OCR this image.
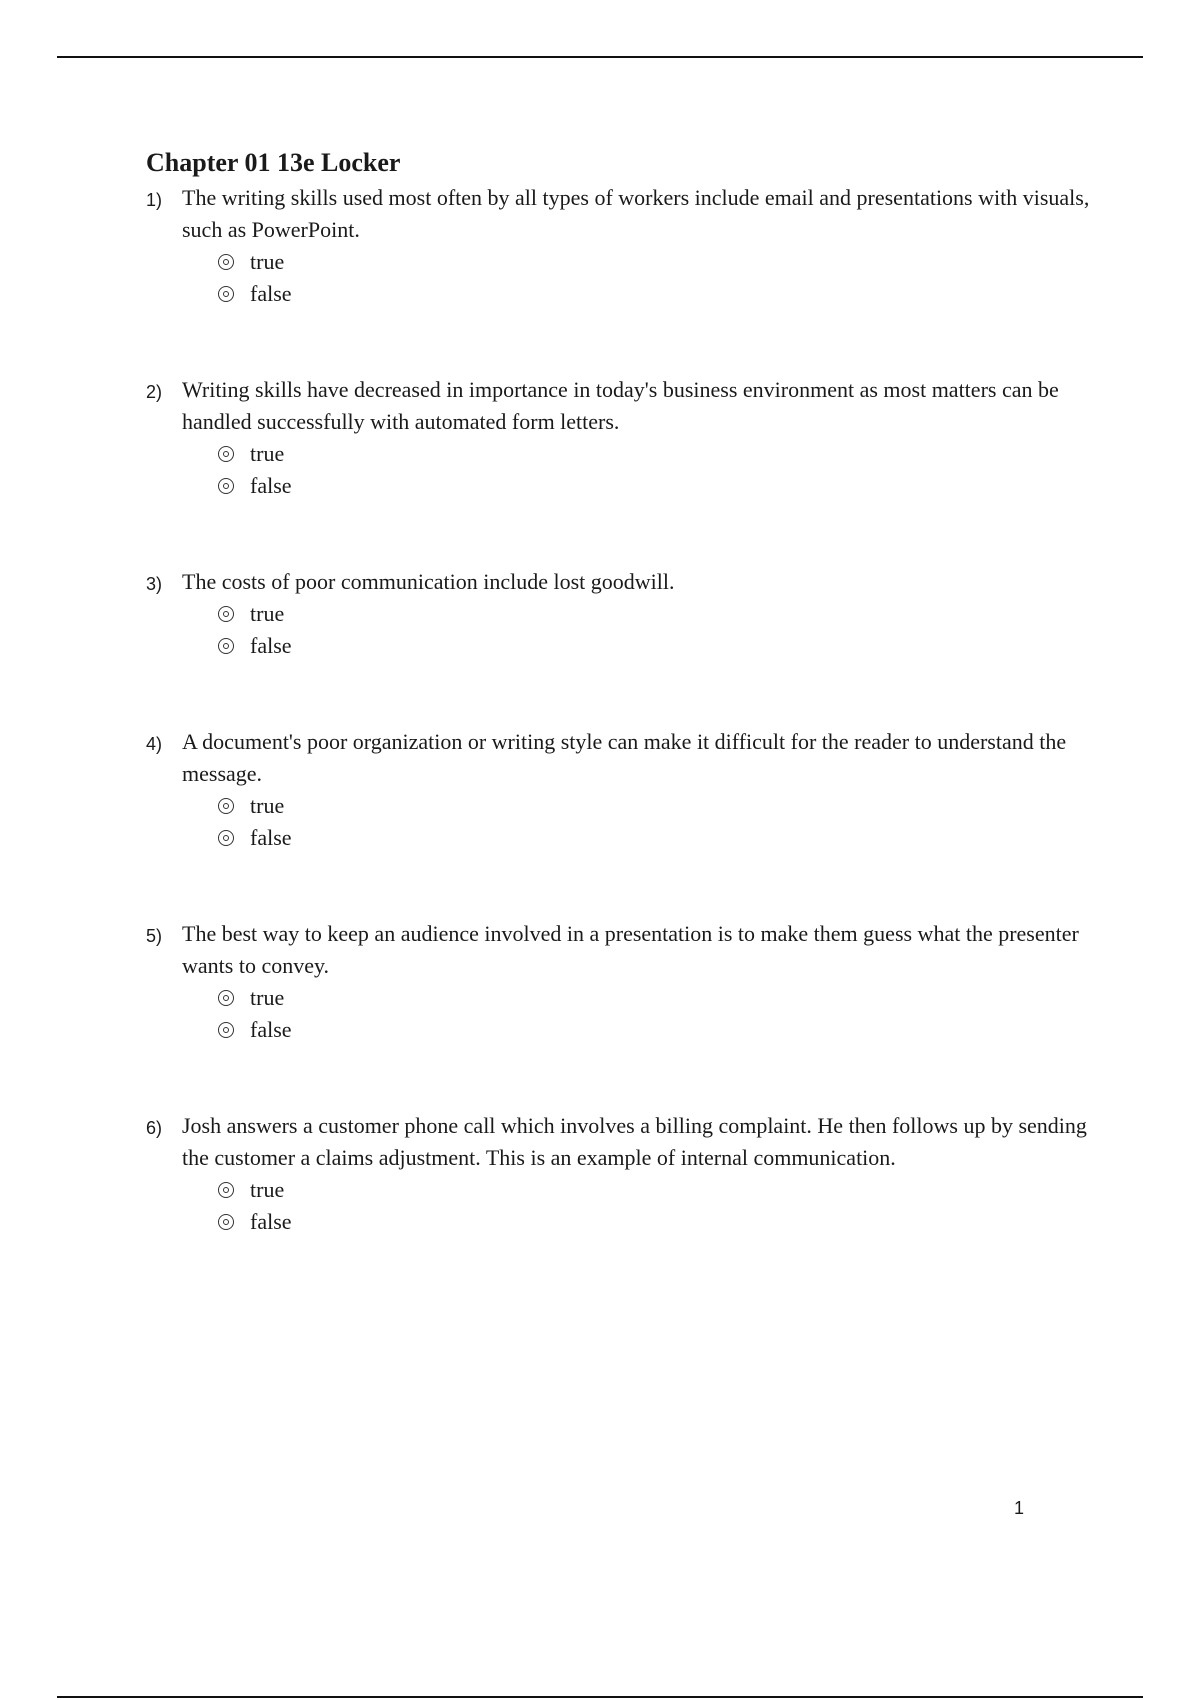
Chapter 01 13e Locker
1) The writing skills used most often by all types of workers include email and presentations with visuals, such as PowerPoint.

true
false
2) Writing skills have decreased in importance in today's business environment as most matters can be handled successfully with automated form letters.

true
false
3) The costs of poor communication include lost goodwill.

true
false
4) A document's poor organization or writing style can make it difficult for the reader to understand the message.

true
false
5) The best way to keep an audience involved in a presentation is to make them guess what the presenter wants to convey.

true
false
6) Josh answers a customer phone call which involves a billing complaint. He then follows up by sending the customer a claims adjustment. This is an example of internal communication.

true
false
1
